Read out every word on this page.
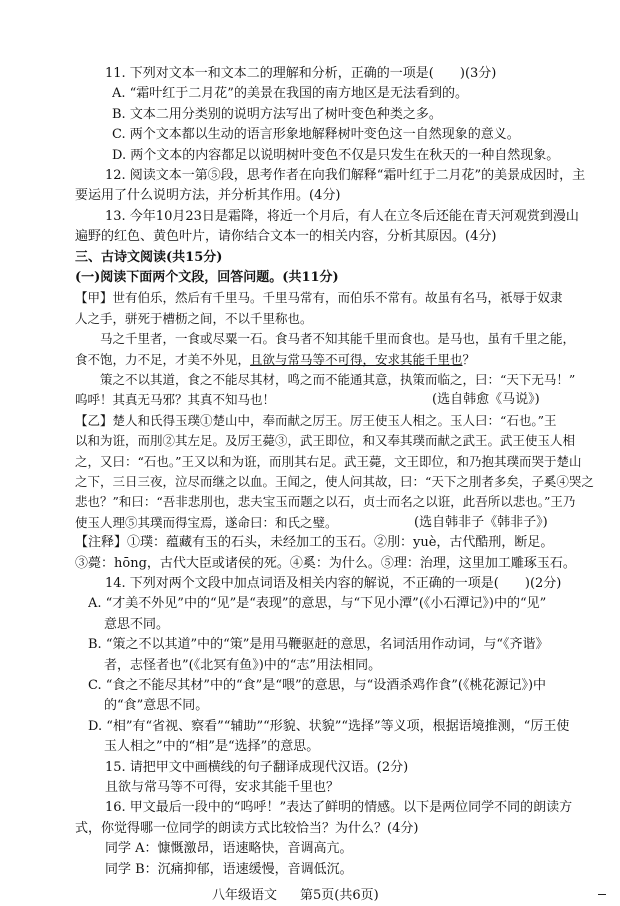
11. 下列对文本一和文本二的理解和分析，正确的一项是(　　)(3分)
A. “霜叶红于二月花”的美景在我国的南方地区是无法看到的。
B. 文本二用分类别的说明方法写出了树叶变色种类之多。
C. 两个文本都以生动的语言形象地解释树叶变色这一自然现象的意义。
D. 两个文本的内容都足以说明树叶变色不仅是只发生在秋天的一种自然现象。
12. 阅读文本一第⑤段，思考作者在向我们解释“霜叶红于二月花”的美景成因时，主
要运用了什么说明方法，并分析其作用。(4分)
13. 今年10月23日是霜降，将近一个月后，有人在立冬后还能在青天河观赏到漫山
遍野的红色、黄色叶片，请你结合文本一的相关内容，分析其原因。(4分)
三、古诗文阅读(共15分)
(一)阅读下面两个文段，回答问题。(共11分)
【甲】世有伯乐，然后有千里马。千里马常有，而伯乐不常有。故虽有名马，祇辱于奴隶
人之手，骈死于槽枥之间，不以千里称也。
马之千里者，一食或尽粟一石。食马者不知其能千里而食也。是马也，虽有千里之能，
食不饱，力不足，才美不外见，且欲与常马等不可得，安求其能千里也？
策之不以其道，食之不能尽其材，鸣之而不能通其意，执策而临之，曰：“天下无马！”
呜呼！其真无马邪？其真不知马也！	(选自韩愈《马说》)
【乙】楚人和氏得玉璞①楚山中，奉而献之厉王。厉王使玉人相之。玉人曰：“石也。”王
以和为诳，而刖②其左足。及厉王薨③，武王即位，和又奉其璞而献之武王。武王使玉人相
之，又曰：“石也。”王又以和为诳，而刖其右足。武王薨，文王即位，和乃抱其璞而哭于楚山
之下，三日三夜，泣尽而继之以血。王闻之，使人问其故，曰：“天下之刖者多矣，子奚④哭之
悲也？”和曰：“吾非悲刖也，悲夫宝玉而题之以石，贞士而名之以诳，此吾所以悲也。”王乃
使玉人理⑤其璞而得宝焉，遂命曰：和氏之璧。	(选自韩非子《韩非子》)
【注释】①璞：蕴藏有玉的石头，未经加工的玉石。②刖：yuè，古代酷刑，断足。
③薨：hōng，古代大臣或诸侯的死。④奚：为什么。⑤理：治理，这里加工雕琢玉石。
14. 下列对两个文段中加点词语及相关内容的解说，不正确的一项是(　　)(2分)
A. “才美不外见”中的“见”是“表现”的意思，与“下见小潭”(《小石潭记》)中的“见”
意思不同。
B. “策之不以其道”中的“策”是用马鞭驱赶的意思，名词活用作动词，与“《齐谐》
者，志怪者也”(《北冥有鱼》)中的“志”用法相同。
C. “食之不能尽其材”中的“食”是“喂”的意思，与“设酒杀鸡作食”(《桃花源记》)中
的“食”意思不同。
D. “相”有“省视、察看”“辅助”“形貌、状貌”“选择”等义项，根据语境推测，“厉王使
玉人相之”中的“相”是“选择”的意思。
15. 请把甲文中画横线的句子翻译成现代汉语。(2分)
且欲与常马等不可得，安求其能千里也？
八年级语文 第5页(共6页)
16. 甲文最后一段中的“呜呼！”表达了鲜明的情感。以下是两位同学不同的朗读方
式，你觉得哪一位同学的朗读方式比较恰当？为什么？(4分)
同学 A：慷慨激昂，语速略快，音调高亢。
同学 B：沉痛抑郁，语速缓慢，音调低沉。
